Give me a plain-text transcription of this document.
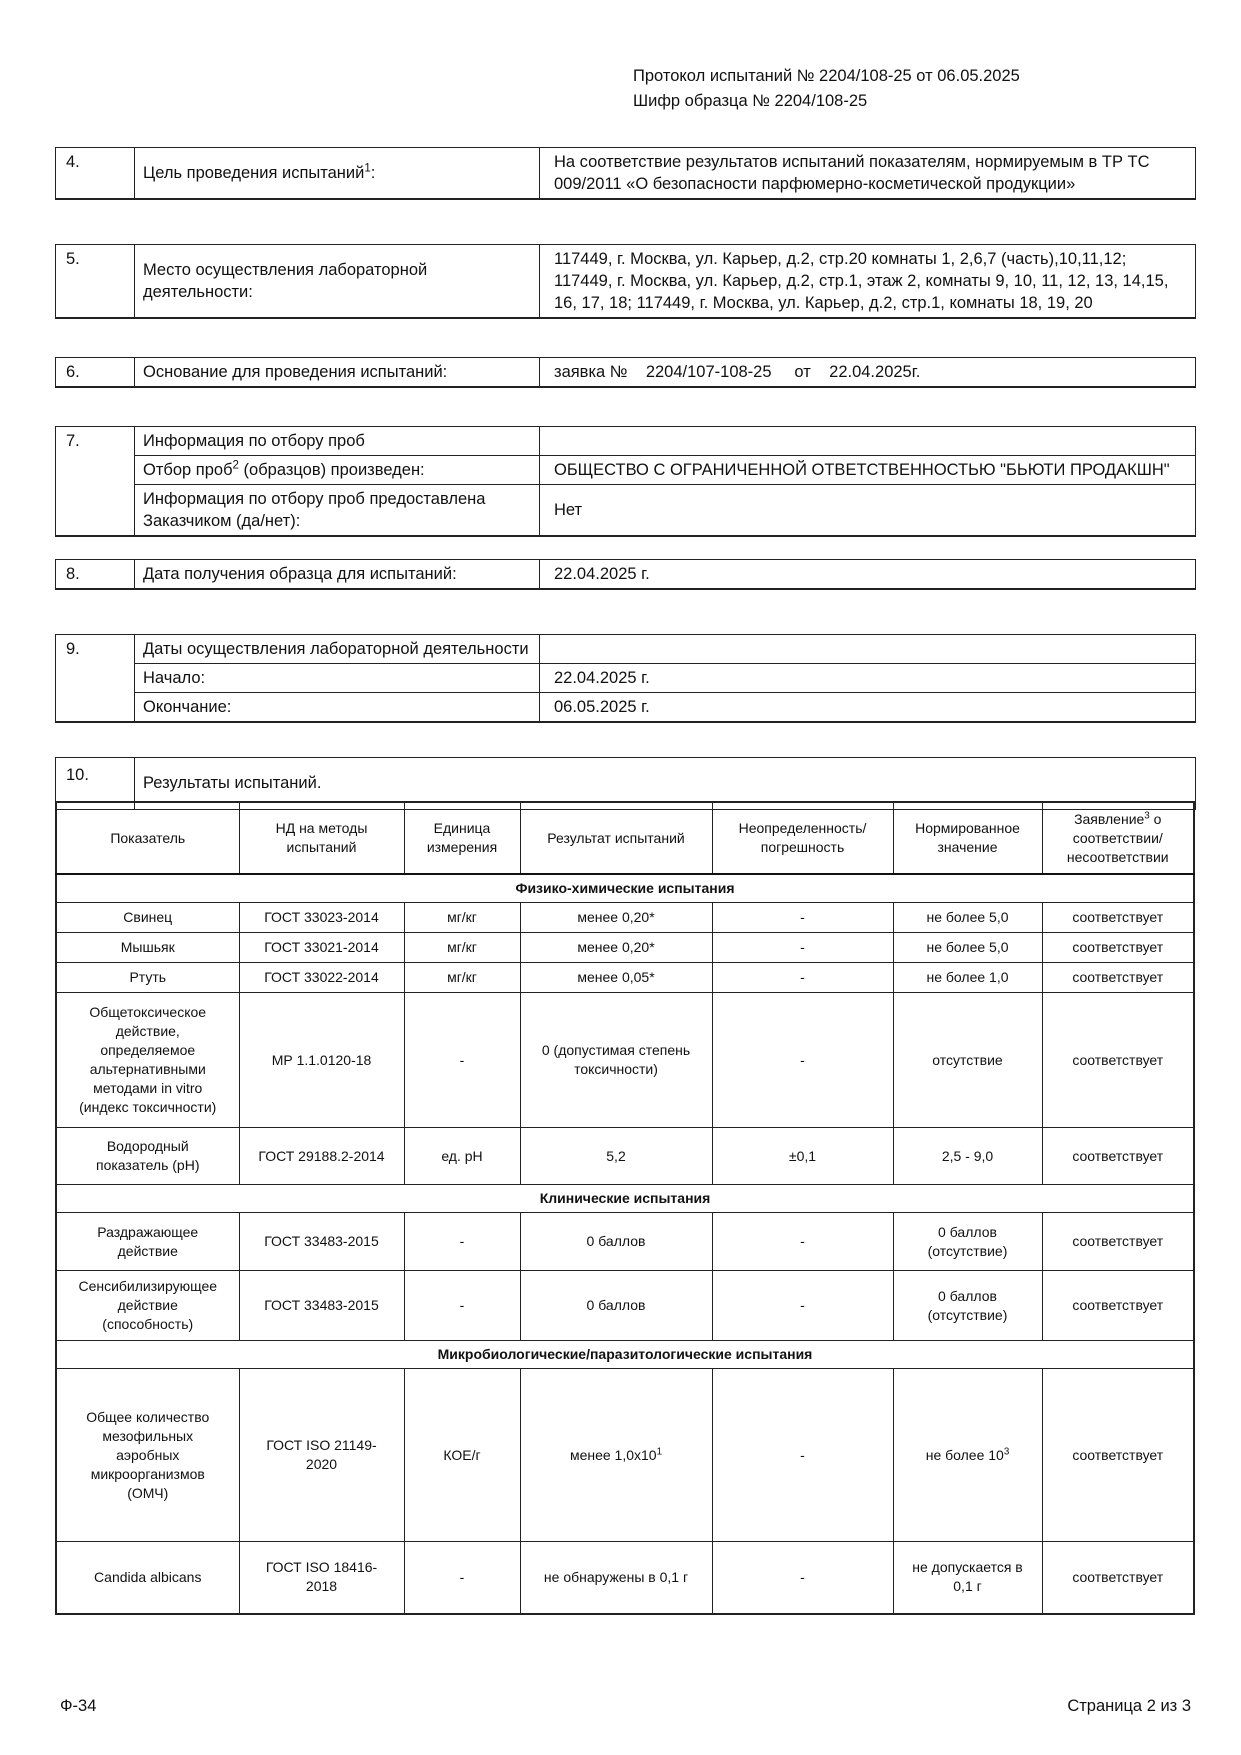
Протокол испытаний № 2204/108-25 от 06.05.2025
Шифр образца № 2204/108-25
4.	Цель проведения испытаний$^1$:	На соответствие результатов испытаний показателям, нормируемым в ТР ТС 009/2011 «О безопасности парфюмерно-косметической продукции»
5.	Место осуществления лабораторной деятельности:	117449, г. Москва, ул. Карьер, д.2, стр.20 комнаты 1, 2,6,7 (часть),10,11,12; 117449, г. Москва, ул. Карьер, д.2, стр.1, этаж 2, комнаты 9, 10, 11, 12, 13, 14,15, 16, 17, 18; 117449, г. Москва, ул. Карьер, д.2, стр.1, комнаты 18, 19, 20
6.	Основание для проведения испытаний:	заявка №    2204/107-108-25     от    22.04.2025г.
7.	Информация по отбору проб	
	Отбор проб$^2$ (образцов) произведен:	ОБЩЕСТВО С ОГРАНИЧЕННОЙ ОТВЕТСТВЕННОСТЬЮ "БЬЮТИ ПРОДАКШН"
	Информация по отбору проб предоставлена Заказчиком (да/нет):	Нет
8.	Дата получения образца для испытаний:	22.04.2025 г.
9.	Даты осуществления лабораторной деятельности	
	Начало:	22.04.2025 г.
	Окончание:	06.05.2025 г.
10.	Результаты испытаний.
Показатель	НД на методы испытаний	Единица измерения	Результат испытаний	Неопределенность/погрешность	Нормированное значение	Заявление$^3$ о соответствии/несоответствии
Физико-химические испытания						
Свинец	ГОСТ 33023-2014	мг/кг	менее 0,20*	-	не более 5,0	соответствует
Мышьяк	ГОСТ 33021-2014	мг/кг	менее 0,20*	-	не более 5,0	соответствует
Ртуть	ГОСТ 33022-2014	мг/кг	менее 0,05*	-	не более 1,0	соответствует
Общетоксическое действие, определяемое альтернативными методами in vitro (индекс токсичности)	МР 1.1.0120-18	-	0 (допустимая степень токсичности)	-	отсутствие	соответствует
Водородный показатель (pH)	ГОСТ 29188.2-2014	ед. pH	5,2	±0,1	2,5 - 9,0	соответствует
Клинические испытания						
Раздражающее действие	ГОСТ 33483-2015	-	0 баллов	-	0 баллов (отсутствие)	соответствует
Сенсибилизирующее действие (способность)	ГОСТ 33483-2015	-	0 баллов	-	0 баллов (отсутствие)	соответствует
Микробиологические/паразитологические испытания						
Общее количество мезофильных аэробных микроорганизмов (ОМЧ)	ГОСТ ISO 21149-2020	КОЕ/г	менее $1,0х10^1$	-	не более $10^3$	соответствует
Candida albicans	ГОСТ ISO 18416-2018	-	не обнаружены в 0,1 г	-	не допускается в 0,1 г	соответствует
Ф-34	Страница 2 из 3
